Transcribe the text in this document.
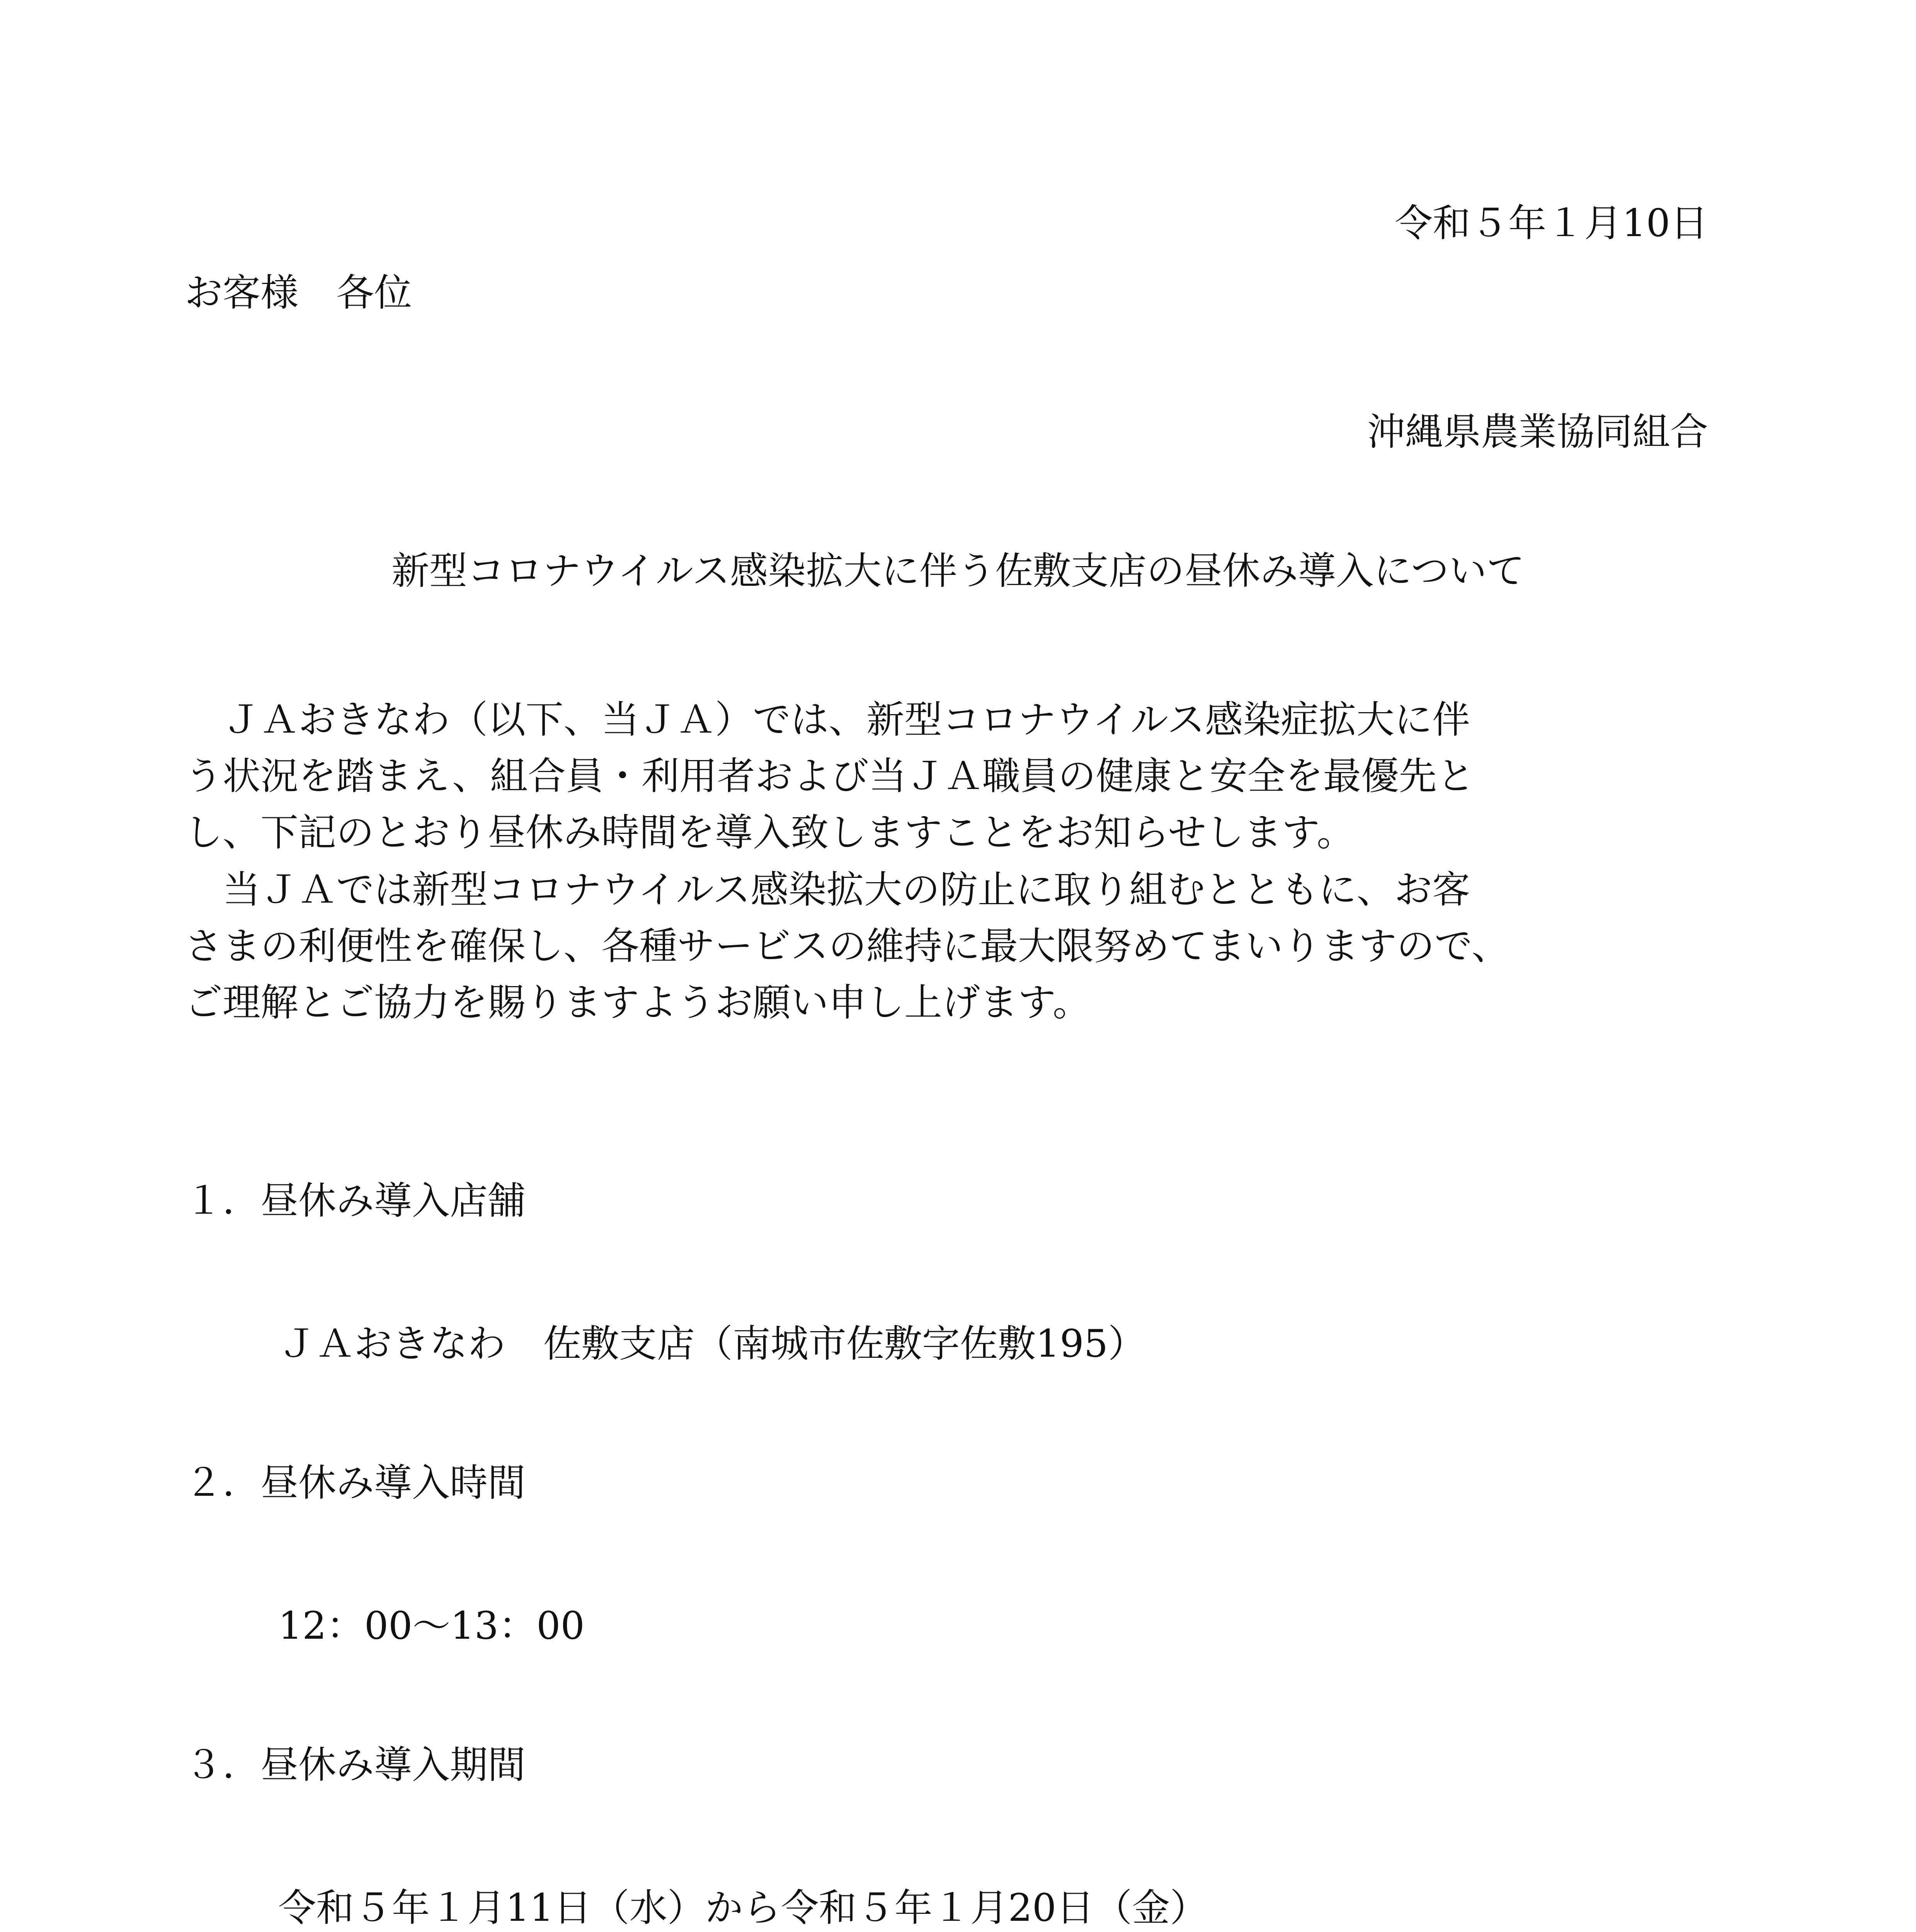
令和５年１月10日
お客様　各位
沖縄県農業協同組合
新型コロナウイルス感染拡大に伴う佐敷支店の昼休み導入について

　ＪＡおきなわ（以下、当ＪＡ）では、新型コロナウイルス感染症拡大に伴

う状況を踏まえ、組合員・利用者および当ＪＡ職員の健康と安全を最優先と

し、下記のとおり昼休み時間を導入致しますことをお知らせします。

　当ＪＡでは新型コロナウイルス感染拡大の防止に取り組むとともに、お客

さまの利便性を確保し、各種サービスの維持に最大限努めてまいりますので、

ご理解とご協力を賜りますようお願い申し上げます。

１．昼休み導入店舗
ＪＡおきなわ　佐敷支店（南城市佐敷字佐敷195）
２．昼休み導入時間
12：00～13：00
３．昼休み導入期間
令和５年１月11日（水）から令和５年１月20日（金）
